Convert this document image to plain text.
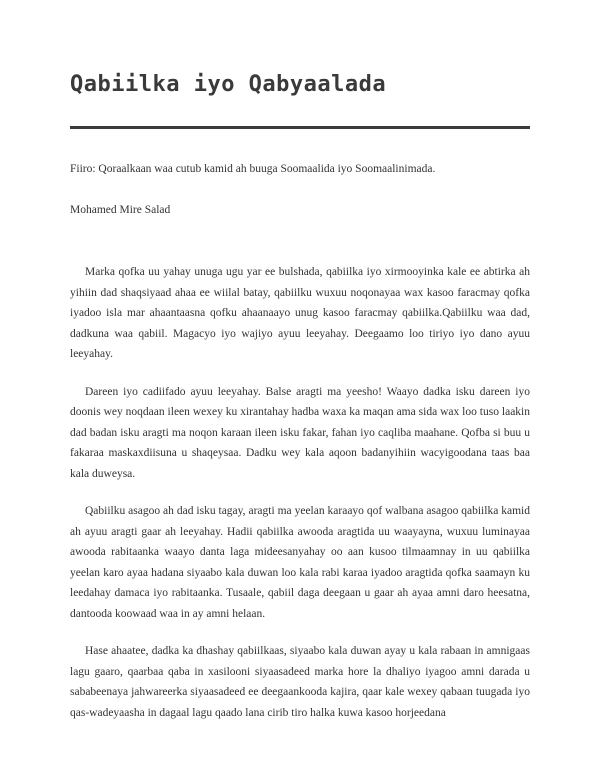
Qabiilka iyo Qabyaalada

Fiiro: Qoraalkaan waa cutub kamid ah buuga Soomaalida iyo Soomaalinimada.

Mohamed Mire Salad

Marka qofka uu yahay unuga ugu yar ee bulshada, qabiilka iyo xirmooyinka kale ee abtirka ah yihiin dad shaqsiyaad ahaa ee wiilal batay, qabiilku wuxuu noqonayaa wax kasoo faracmay qofka iyadoo isla mar ahaantaasna qofku ahaanaayo unug kasoo faracmay qabiilka.Qabiilku waa dad, dadkuna waa qabiil. Magacyo iyo wajiyo ayuu leeyahay. Deegaamo loo tiriyo iyo dano ayuu leeyahay.

Dareen iyo cadiifado ayuu leeyahay. Balse aragti ma yeesho! Waayo dadka isku dareen iyo doonis wey noqdaan ileen wexey ku xirantahay hadba waxa ka maqan ama sida wax loo tuso laakin dad badan isku aragti ma noqon karaan ileen isku fakar, fahan iyo caqliba maahane. Qofba si buu u fakaraa maskaxdiisuna u shaqeysaa. Dadku wey kala aqoon badanyihiin wacyigoodana taas baa kala duweysa.

Qabiilku asagoo ah dad isku tagay, aragti ma yeelan karaayo qof walbana asagoo qabiilka kamid ah ayuu aragti gaar ah leeyahay. Hadii qabiilka awooda aragtida uu waayayna, wuxuu luminayaa awooda rabitaanka waayo danta laga mideesanyahay oo aan kusoo tilmaamnay in uu qabiilka yeelan karo ayaa hadana siyaabo kala duwan loo kala rabi karaa iyadoo aragtida qofka saamayn ku leedahay damaca iyo rabitaanka. Tusaale, qabiil daga deegaan u gaar ah ayaa amni daro heesatna, dantooda koowaad waa in ay amni helaan.

Hase ahaatee, dadka ka dhashay qabiilkaas, siyaabo kala duwan ayay u kala rabaan in amnigaas lagu gaaro, qaarbaa qaba in xasilooni siyaasadeed marka hore la dhaliyo iyagoo amni darada u sababeenaya jahwareerka siyaasadeed ee deegaankooda kajira, qaar kale wexey qabaan tuugada iyo qas-wadeyaasha in dagaal lagu qaado lana cirib tiro halka kuwa kasoo horjeedana
